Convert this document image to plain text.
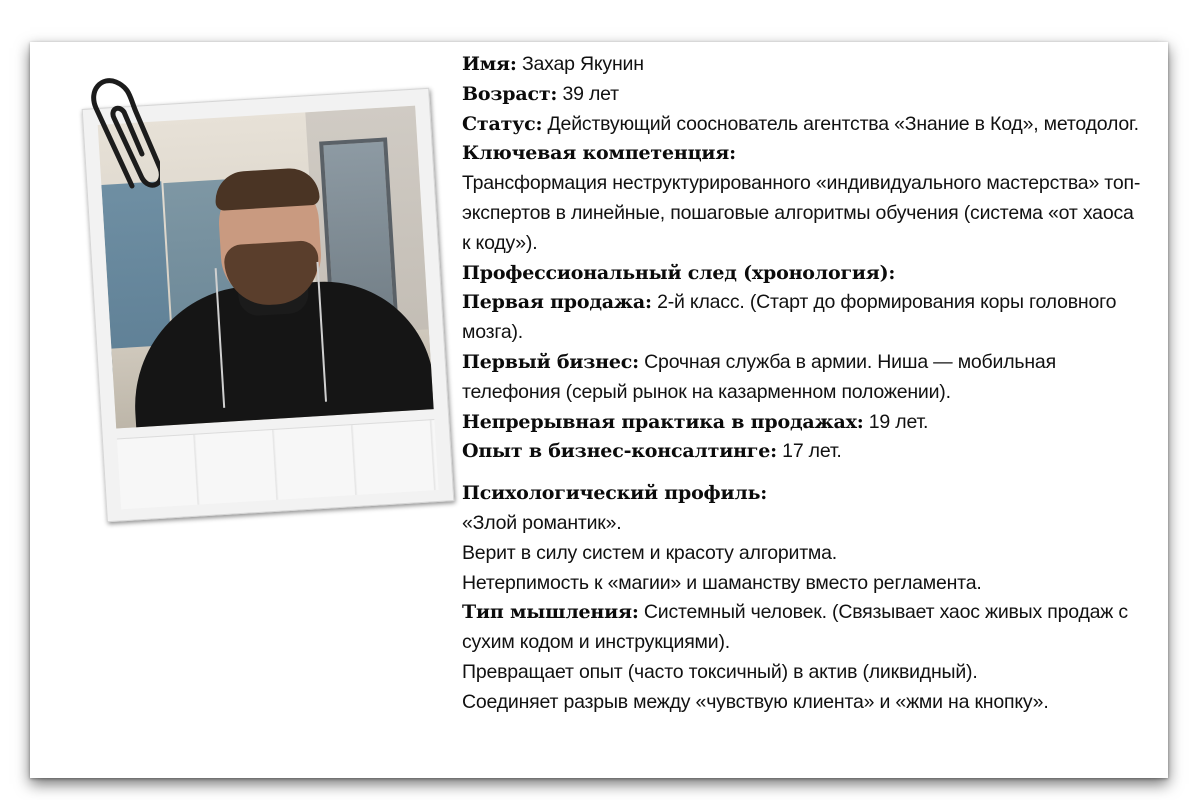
Имя: Захар Якунин

Возраст: 39 лет

Статус: Действующий сооснователь агентства «Знание в Код», методолог.

Ключевая компетенция:

Трансформация неструктурированного «индивидуального мастерства» топ-экспертов в линейные, пошаговые алгоритмы обучения (система «от хаоса к коду»).

Профессиональный след (хронология):

Первая продажа: 2-й класс. (Старт до формирования коры головного мозга).

Первый бизнес: Срочная служба в армии. Ниша — мобильная телефония (серый рынок на казарменном положении).

Непрерывная практика в продажах: 19 лет.

Опыт в бизнес-консалтинге: 17 лет.

Психологический профиль:

«Злой романтик».

Верит в силу систем и красоту алгоритма.

Нетерпимость к «магии» и шаманству вместо регламента.

Тип мышления: Системный человек. (Связывает хаос живых продаж с сухим кодом и инструкциями).

Превращает опыт (часто токсичный) в актив (ликвидный).

Соединяет разрыв между «чувствую клиента» и «жми на кнопку».
